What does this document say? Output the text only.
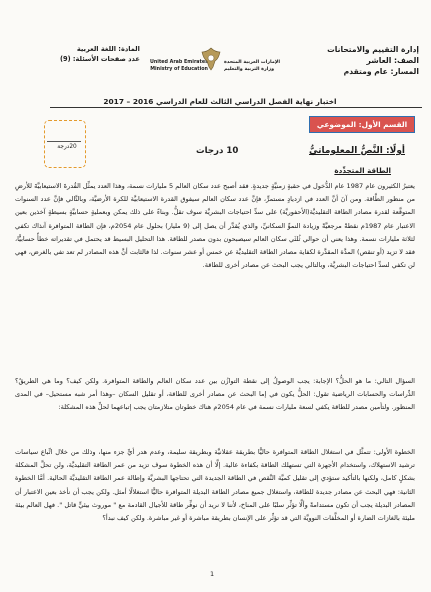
إدارة التقييم والامتحانات
الصف: العاشر
المسار: عام ومتقدم
المادة: اللغة العربية
عدد صفحات الأسئلة: (9) United Arab Emirates
Ministry of Education
الإمارات العربية المتحدة
وزارة التربية والتعليم
اختبار نهاية الفصل الدراسي الثالث للعام الدراسي 2016 – 2017
القسم الأول: الموضوعي
20درجة	أولًا: النَّصُّ المعلوماتيُّ
10 درجات
الطاقة المتجدِّدة
يعتبرُ الكثيرون عام 1987 عام الدُّخول في حقبةٍ زمنيَّةٍ جديدةٍ. فقد أصبح عدد سكان العالم 5 مليارات نسمة، وهذا العدد يمثِّل القُدرةَ الاستيعابيَّةَ للأرضِ من منظور الطَّاقة. ومن آنَ أنَّ العدد في ازديادٍ مستمرٍّ، فإنَّ عدد سكان العالم سيفوق القدرة الاستيعابيَّة للكرة الأرضيَّة، وبالتَّالي فإنَّ عدد السنوات المتوقَّعة لقدرة مصادر الطاقة التقليديَّة(الأحفوريَّة) على سدِّ احتياجات البشريَّة سوف تقلُّ. وبناءً على ذلك يمكن وبعمليةٍ حسابيَّةٍ بسيطةٍ آخذين بعين الاعتبار عام 1987م نقطةً مرجعيَّةً وزيادة النموِّ السكانيِّ، والذي يُقدَّر أن يصل إلى (9 مليار) بحلول عام 2054م، فإن الطاقة المتوافرة آنذاك تكفي لثلاثة مليارات نسمة. وهذا يعني أن حوالي ثُلثَي سكان العالم سيصبحون بدون مصدر للطاقة. هذا التحليل البسيط قد يحتمل في تقديراته خطأً حسابيًّا، فقد لا تزيد (أو تنقص) المدَّة المقدَّرة لكفاية مصادر الطاقة التقليديَّة عن خمس أو عشر سنوات. لذا فالثابت أنَّ هذه المصادر لم تعد تفي بالغرض، فهي لن تكفي لسدِّ احتياجات البشريَّة، وبالتالي يجب البحث عن مصادر أخرى للطاقة.
السؤال التالي: ما هو الحلُّ؟ الإجابة: يجب الوصولُ إلى نقطة التوازُن بين عدد سكان العالم والطاقة المتوافرة. ولكن كيف؟ وما هي الطريقُ؟ الدِّراسات والحسابات الرياضية تقول: الحلُّ يكون في إما البحث عن مصادر أخرى للطاقة، أو تقليل السكان –وهذا أمر شبه مستحيل– في المدى المنظور. ولتأمين مصدر للطاقة يكفي لسعة مليارات نسمة في عام 2054م هناك خطوتان متلازمتان يجب إتباعهما لحلِّ هذه المشكلة:
الخطوة الأولى: تتمثَّل في استغلال الطاقة المتوافرة حاليًّا بطريقة عقلانيَّة وبطريقة سليمة، وعدم هدر أيِّ جزء منها، وذلك من خلال اتِّباع سياسات ترشيد الاستهلاك، واستخدام الأجهزة التي تستهلك الطاقة بكفاءة عالية. إلَّا أن هذه الخطوة سوف تزيد من عمر الطاقة التقليديَّة، ولن تحلَّ المشكلة بشكلٍ كامل، ولكنها بالتأكيد ستؤدي إلى تقليل كميَّة النَّقص في الطاقة الجديدة التي تحتاجها البشريَّة وإطالة عمر الطاقة التقليديَّة الحالية. أمَّا الخطوة الثانية: فهي البحث عن مصادر جديدة للطاقة، واستغلال جميع مصادر الطاقة البديلة المتوافرة حاليًّا استغلالًا أمثل. ولكن يجب أن نأخذ بعين الاعتبار أن المصادر البديلة يجب أن تكون مستدامةً وألَّا تؤثِّر سلبًا على المناخ، لأننا لا نريد أن نوفِّر طاقة للأجيال القادمة مع " موروث بيئيٍّ قاتل ". فهل العالم بيئة مليئة بالغازات الضارة أو المخلَّفات النوويَّة التي قد تؤثِّر على الإنسان بطريقة مباشرة أو غير مباشرة. ولكن كيف نبدأ؟
1
